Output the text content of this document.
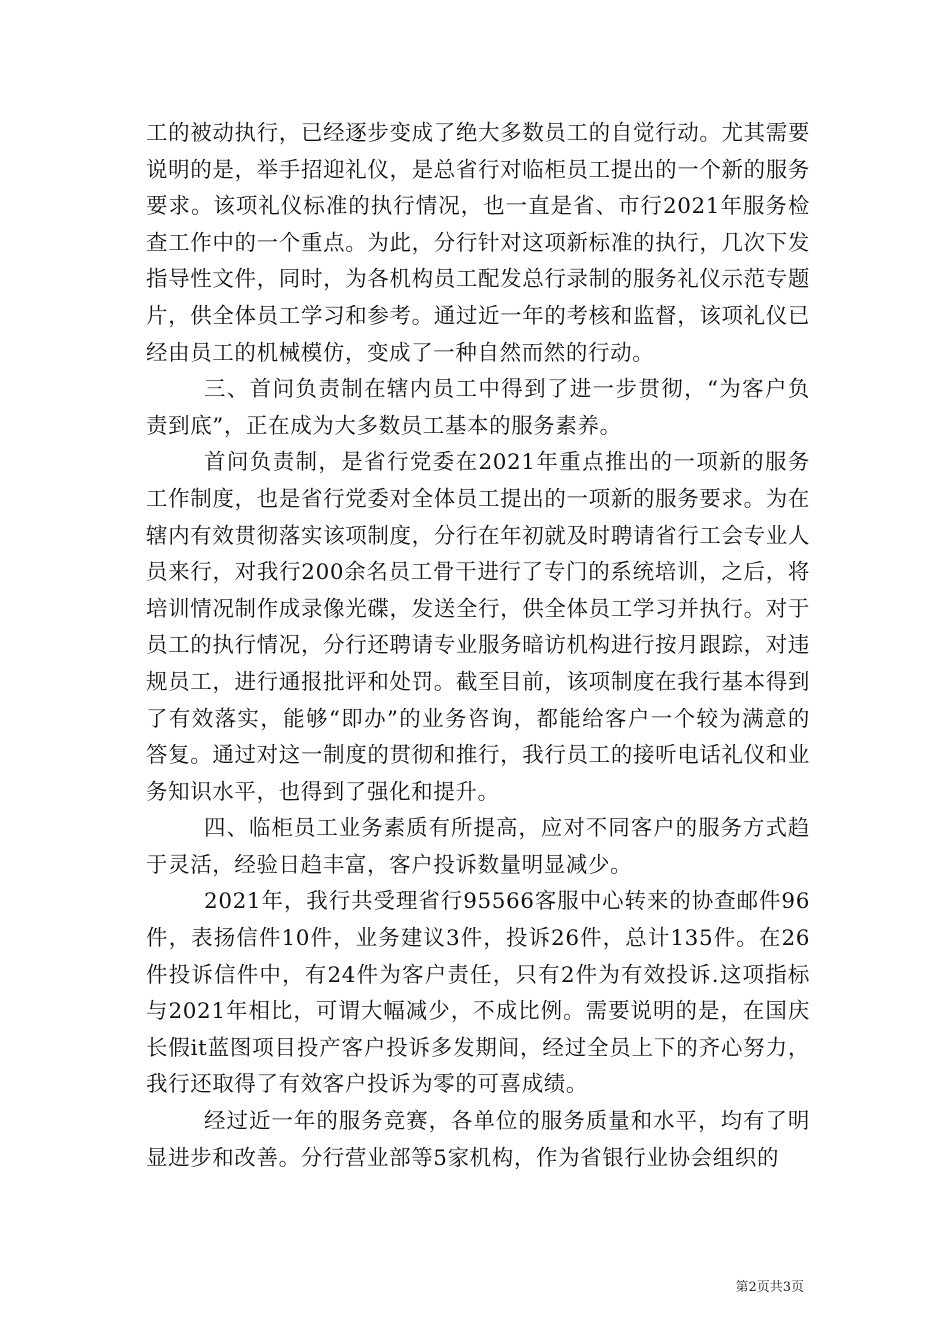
工的被动执行，已经逐步变成了绝大多数员工的自觉行动。尤其需要说明的是，举手招迎礼仪，是总省行对临柜员工提出的一个新的服务要求。该项礼仪标准的执行情况，也一直是省、市行2021年服务检查工作中的一个重点。为此，分行针对这项新标准的执行，几次下发指导性文件，同时，为各机构员工配发总行录制的服务礼仪示范专题片，供全体员工学习和参考。通过近一年的考核和监督，该项礼仪已经由员工的机械模仿，变成了一种自然而然的行动。

三、首问负责制在辖内员工中得到了进一步贯彻，“为客户负责到底”，正在成为大多数员工基本的服务素养。

首问负责制，是省行党委在2021年重点推出的一项新的服务工作制度，也是省行党委对全体员工提出的一项新的服务要求。为在辖内有效贯彻落实该项制度，分行在年初就及时聘请省行工会专业人员来行，对我行200余名员工骨干进行了专门的系统培训，之后，将培训情况制作成录像光碟，发送全行，供全体员工学习并执行。对于员工的执行情况，分行还聘请专业服务暗访机构进行按月跟踪，对违规员工，进行通报批评和处罚。截至目前，该项制度在我行基本得到了有效落实，能够“即办”的业务咨询，都能给客户一个较为满意的答复。通过对这一制度的贯彻和推行，我行员工的接听电话礼仪和业务知识水平，也得到了强化和提升。

四、临柜员工业务素质有所提高，应对不同客户的服务方式趋于灵活，经验日趋丰富，客户投诉数量明显减少。

2021年，我行共受理省行95566客服中心转来的协查邮件96件，表扬信件10件，业务建议3件，投诉26件，总计135件。在26件投诉信件中，有24件为客户责任，只有2件为有效投诉.这项指标与2021年相比，可谓大幅减少，不成比例。需要说明的是，在国庆长假it蓝图项目投产客户投诉多发期间，经过全员上下的齐心努力，我行还取得了有效客户投诉为零的可喜成绩。

经过近一年的服务竞赛，各单位的服务质量和水平，均有了明显进步和改善。分行营业部等5家机构，作为省银行业协会组织的

第2页共3页
